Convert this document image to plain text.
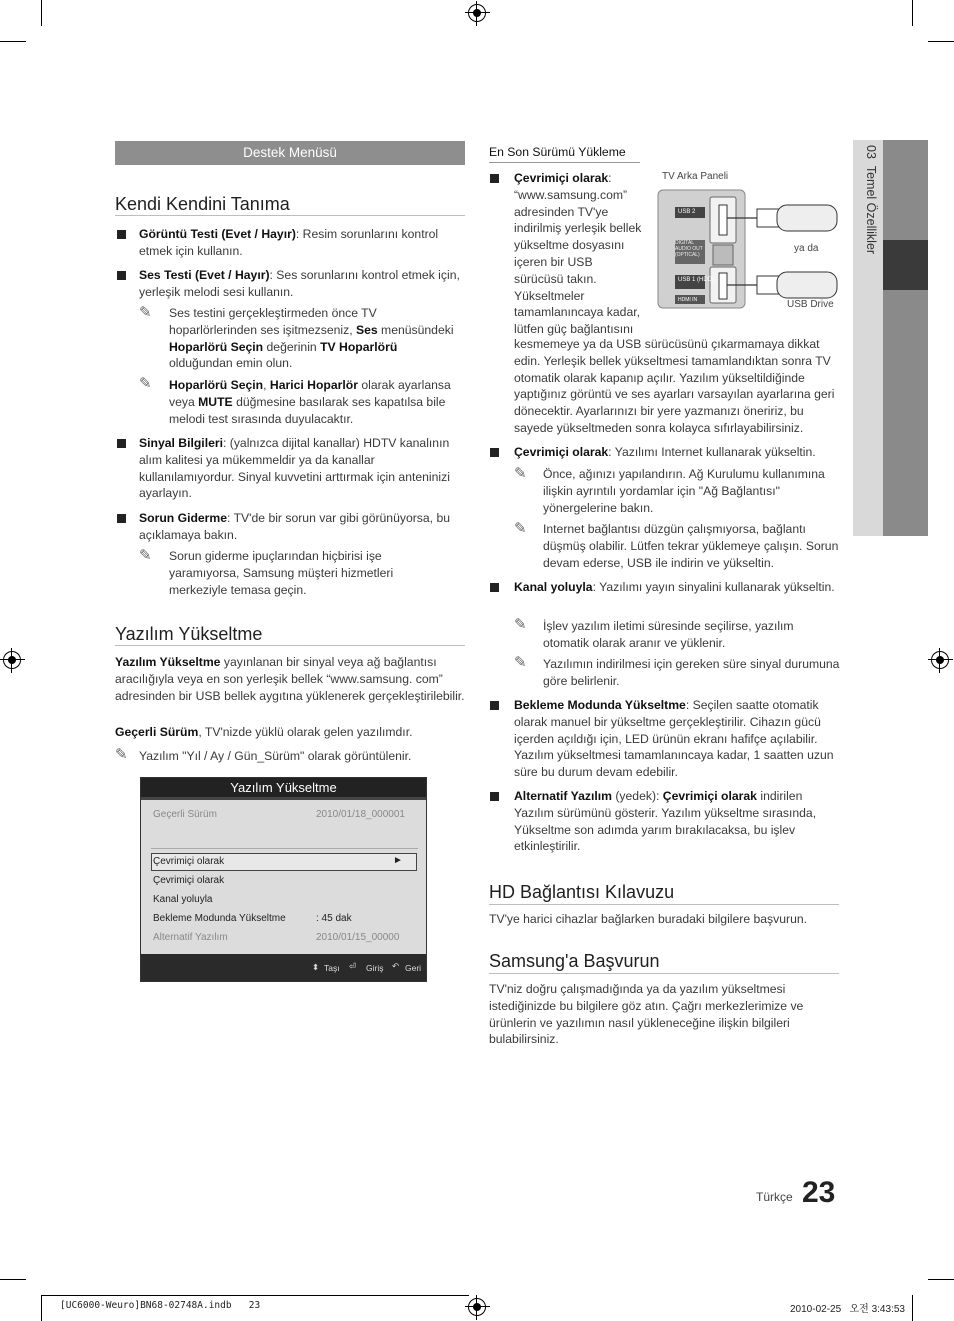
03  Temel Özellikler
Destek Menüsü
Kendi Kendini Tanıma

Görüntü Testi (Evet / Hayır): Resim sorunlarını kontrol etmek için kullanın.

Ses Testi (Evet / Hayır): Ses sorunlarını kontrol etmek için, yerleşik melodi sesi kullanın.

✎ Ses testini gerçekleştirmeden önce TV hoparlörlerinden ses işitmezseniz, Ses menüsündeki Hoparlörü Seçin değerinin TV Hoparlörü olduğundan emin olun.

✎ Hoparlörü Seçin, Harici Hoparlör olarak ayarlansa veya MUTE düğmesine basılarak ses kapatılsa bile melodi test sırasında duyulacaktır.

Sinyal Bilgileri: (yalnızca dijital kanallar) HDTV kanalının alım kalitesi ya mükemmeldir ya da kanallar kullanılamıyordur. Sinyal kuvvetini arttırmak için anteninizi ayarlayın.

Sorun Giderme: TV'de bir sorun var gibi görünüyorsa, bu açıklamaya bakın.

✎ Sorun giderme ipuçlarından hiçbirisi işe yaramıyorsa, Samsung müşteri hizmetleri merkeziyle temasa geçin.

Yazılım Yükseltme

Yazılım Yükseltme yayınlanan bir sinyal veya ağ bağlantısı aracılığıyla veya en son yerleşik bellek “www.samsung. com” adresinden bir USB bellek aygıtına yüklenerek gerçekleştirilebilir.

Geçerli Sürüm, TV'nizde yüklü olarak gelen yazılımdır.

✎ Yazılım "Yıl / Ay / Gün_Sürüm" olarak görüntülenir.

Yazılım Yükseltme
Geçerli Sürüm	2010/01/18_000001
Çevrimiçi olarak	►
Çevrimiçi olarak
Kanal yoluyla
Bekleme Modunda Yükseltme	: 45 dak
Alternatif Yazılım	2010/01/15_00000
⬍ Taşı ⏎ Giriş ↶ Geri
En Son Sürümü Yükleme

Çevrimiçi olarak: “www.samsung.com” adresinden TV'ye indirilmiş yerleşik bellek yükseltme dosyasını içeren bir USB sürücüsü takın. Yükseltmeler tamamlanıncaya kadar, lütfen güç bağlantısını

kesmemeye ya da USB sürücüsünü çıkarmamaya dikkat edin. Yerleşik bellek yükseltmesi tamamlandıktan sonra TV otomatik olarak kapanıp açılır. Yazılım yükseltildiğinde yaptığınız görüntü ve ses ayarları varsayılan ayarlarına geri dönecektir. Ayarlarınızı bir yere yazmanızı öneririz, bu sayede yükseltmeden sonra kolayca sıfırlayabilirsiniz.

TV Arka Paneli
USB 2
DIGITAL AUDIO OUT (OPTICAL)
USB 1 (HDD)
HDMI IN
ya da
USB Drive

Çevrimiçi olarak: Yazılımı Internet kullanarak yükseltin.

✎ Önce, ağınızı yapılandırın. Ağ Kurulumu kullanımına ilişkin ayrıntılı yordamlar için "Ağ Bağlantısı" yönergelerine bakın.

✎ Internet bağlantısı düzgün çalışmıyorsa, bağlantı düşmüş olabilir. Lütfen tekrar yüklemeye çalışın. Sorun devam ederse, USB ile indirin ve yükseltin.

Kanal yoluyla: Yazılımı yayın sinyalini kullanarak yükseltin.

✎ İşlev yazılım iletimi süresinde seçilirse, yazılım otomatik olarak aranır ve yüklenir.

✎ Yazılımın indirilmesi için gereken süre sinyal durumuna göre belirlenir.

Bekleme Modunda Yükseltme: Seçilen saatte otomatik olarak manuel bir yükseltme gerçekleştirilir. Cihazın gücü içerden açıldığı için, LED ürünün ekranı hafifçe açılabilir. Yazılım yükseltmesi tamamlanıncaya kadar, 1 saatten uzun süre bu durum devam edebilir.

Alternatif Yazılım (yedek): Çevrimiçi olarak indirilen Yazılım sürümünü gösterir. Yazılım yükseltme sırasında, Yükseltme son adımda yarım bırakılacaksa, bu işlev etkinleştirilir.

HD Bağlantısı Kılavuzu

TV'ye harici cihazlar bağlarken buradaki bilgilere başvurun.

Samsung'a Başvurun

TV'niz doğru çalışmadığında ya da yazılım yükseltmesi istediğinizde bu bilgilere göz atın. Çağrı merkezlerimize ve ürünlerin ve yazılımın nasıl yükleneceğine ilişkin bilgileri bulabilirsiniz.

Türkçe 23
[UC6000-Weuro]BN68-02748A.indb   23	2010-02-25   오전 3:43:53
